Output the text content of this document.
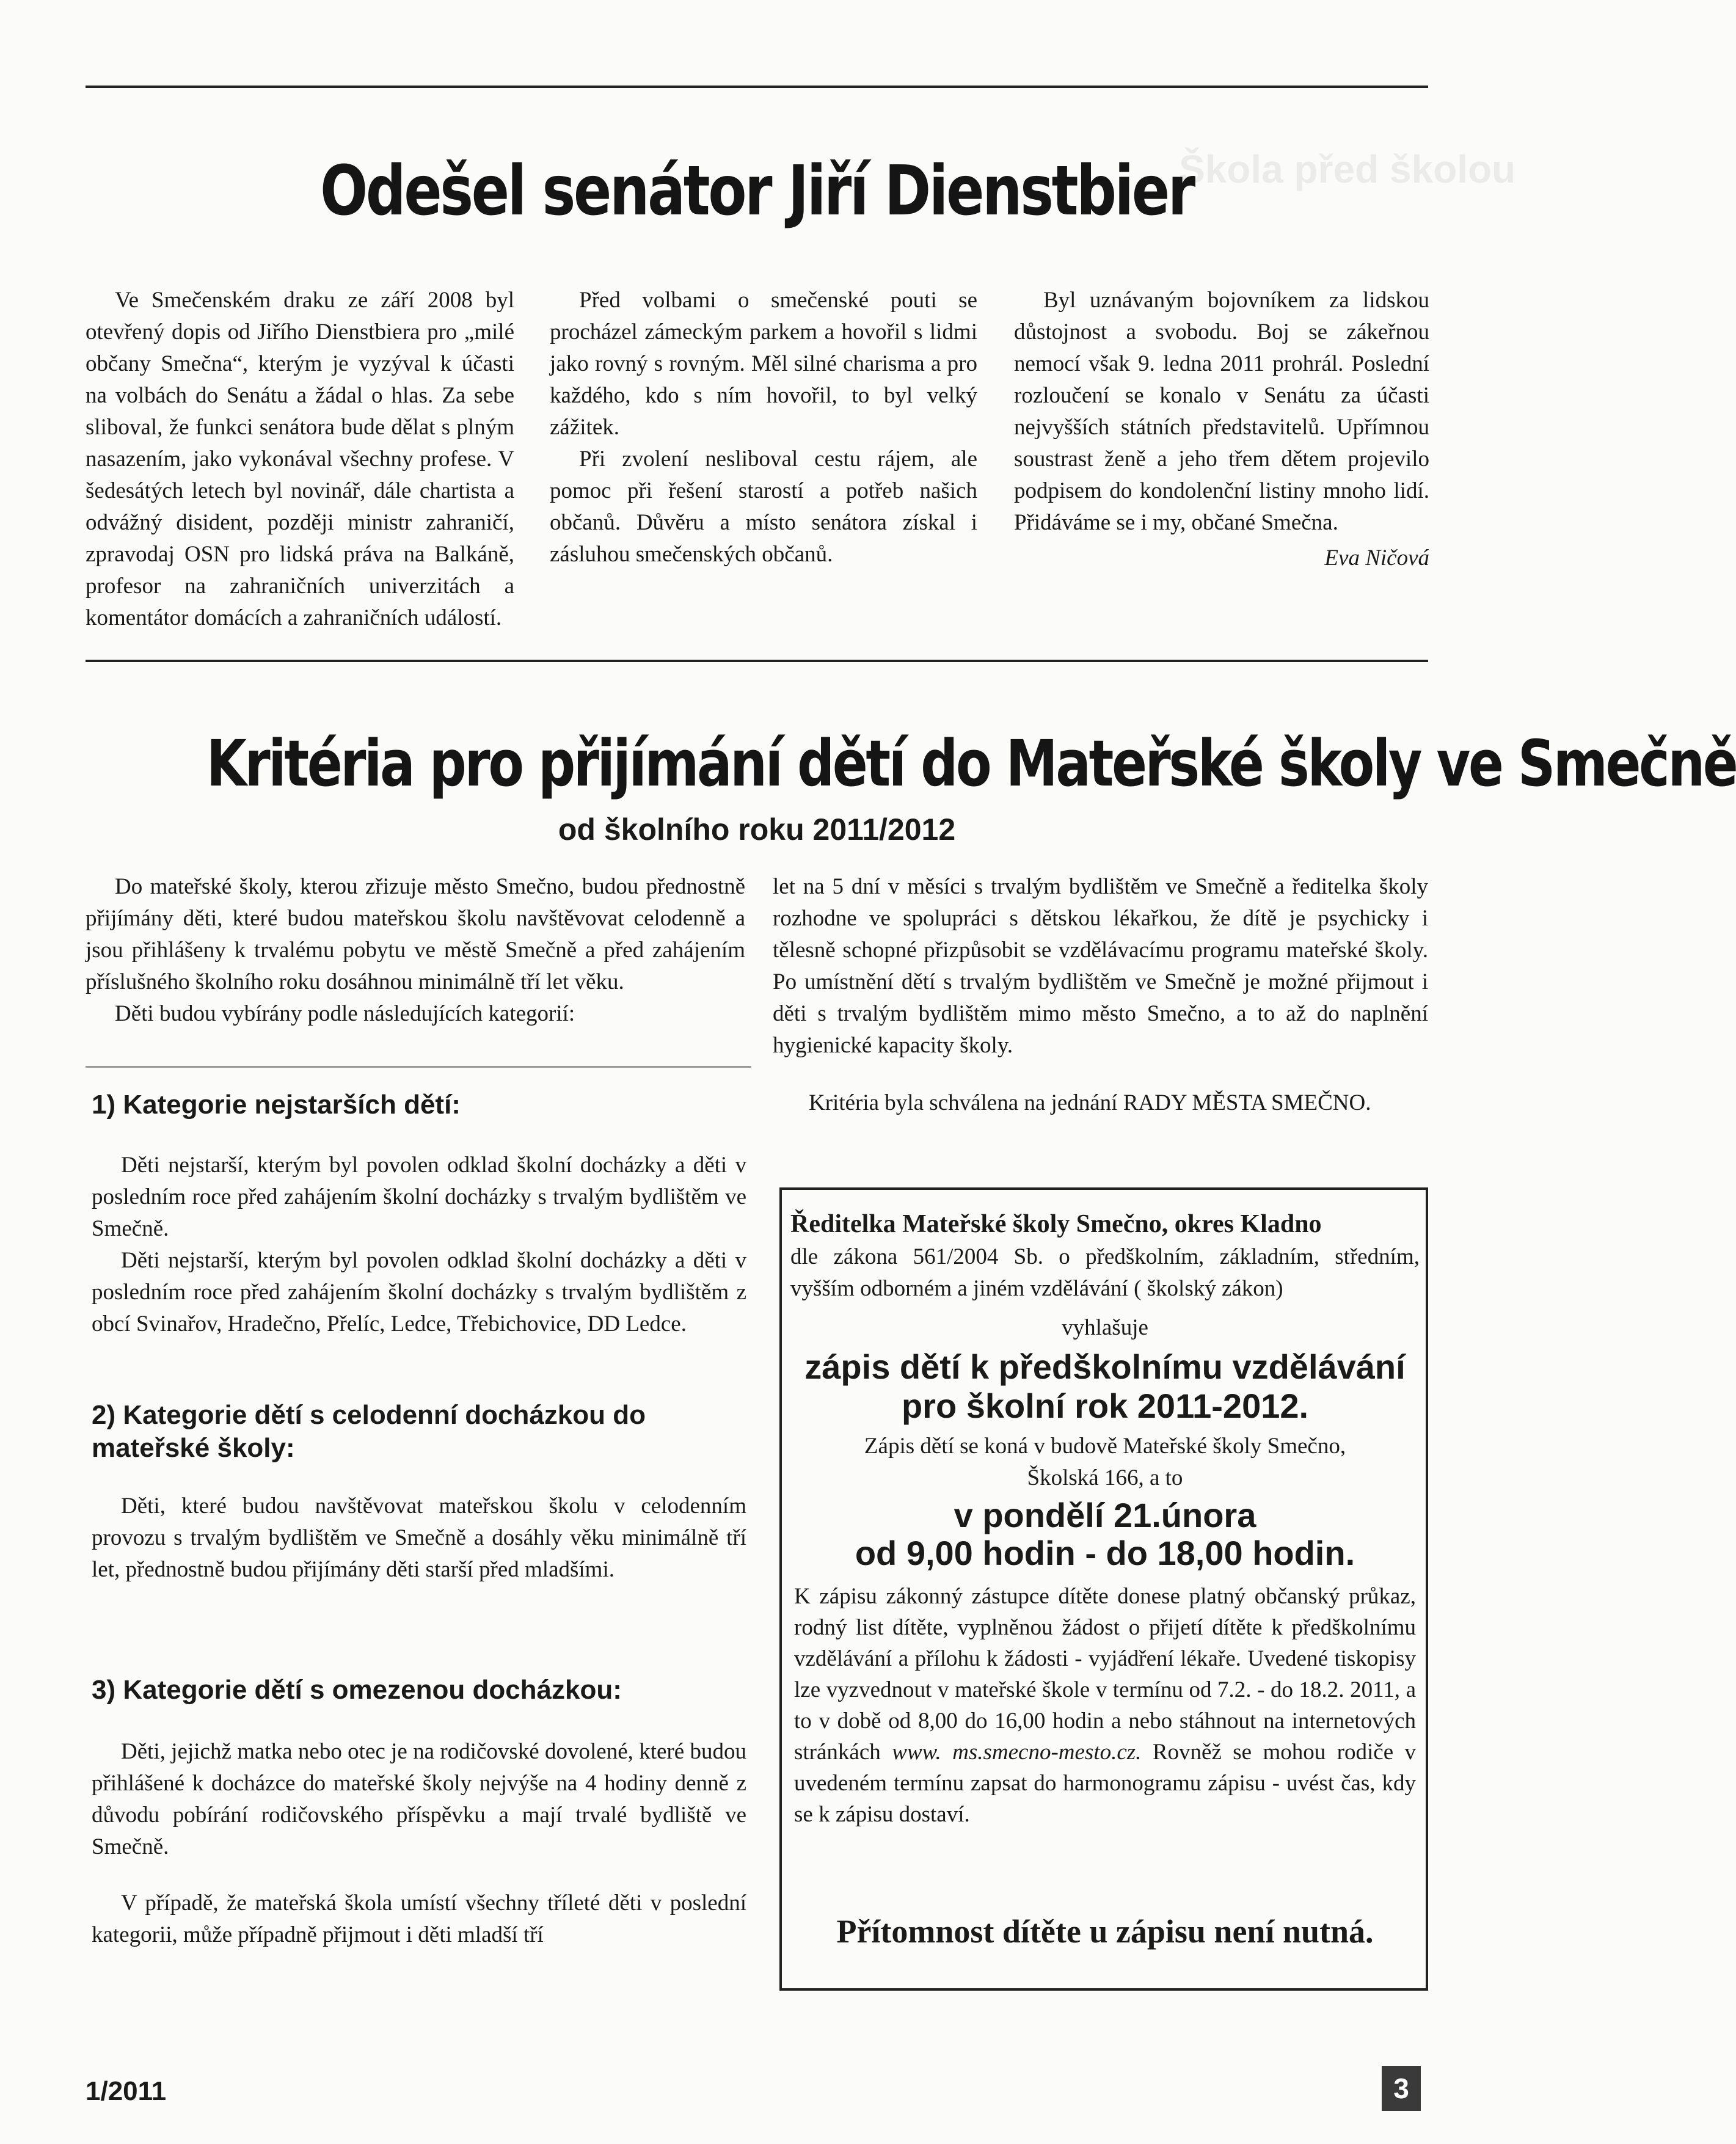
Škola před školou
Odešel senátor Jiří Dienstbier

Ve Smečenském draku ze září 2008 byl otevřený dopis od Jiřího Dienstbiera pro „milé občany Smečna“, kterým je vyzýval k účasti na volbách do Senátu a žádal o hlas. Za sebe sliboval, že funkci senátora bude dělat s plným nasazením, jako vykonával všechny profese. V šedesátých letech byl novinář, dále chartista a odvážný disident, později ministr zahraničí, zpravodaj OSN pro lidská práva na Balkáně, profesor na zahraničních univerzitách a komentátor domácích a zahraničních událostí.

Před volbami o smečenské pouti se procházel zámeckým parkem a hovořil s lidmi jako rovný s rovným. Měl silné charisma a pro každého, kdo s ním hovořil, to byl velký zážitek.

Při zvolení nesliboval cestu rájem, ale pomoc při řešení starostí a potřeb našich občanů. Důvěru a místo senátora získal i zásluhou smečenských občanů.

Byl uznávaným bojovníkem za lidskou důstojnost a svobodu. Boj se zákeřnou nemocí však 9. ledna 2011 prohrál. Poslední rozloučení se konalo v Senátu za účasti nejvyšších státních představitelů. Upřímnou soustrast ženě a jeho třem dětem projevilo podpisem do kondolenční listiny mnoho lidí. Přidáváme se i my, občané Smečna.

Eva Ničová
Kritéria pro přijímání dětí do Mateřské školy ve Smečně
od školního roku 2011/2012

Do mateřské školy, kterou zřizuje město Smečno, budou přednostně přijímány děti, které budou mateřskou školu navštěvovat celodenně a jsou přihlášeny k trvalému pobytu ve městě Smečně a před zahájením příslušného školního roku dosáhnou minimálně tří let věku.

Děti budou vybírány podle následujících kategorií:

let na 5 dní v měsíci s trvalým bydlištěm ve Smečně a ředitelka školy rozhodne ve spolupráci s dětskou lékařkou, že dítě je psychicky i tělesně schopné přizpůsobit se vzdělávacímu programu mateřské školy. Po umístnění dětí s trvalým bydlištěm ve Smečně je možné přijmout i děti s trvalým bydlištěm mimo město Smečno, a to až do naplnění hygienické kapacity školy.

1) Kategorie nejstarších dětí:

Děti nejstarší, kterým byl povolen odklad školní docházky a děti v posledním roce před zahájením školní docházky s trvalým bydlištěm ve Smečně.

Děti nejstarší, kterým byl povolen odklad školní docházky a děti v posledním roce před zahájením školní docházky s trvalým bydlištěm z obcí Svinařov, Hradečno, Přelíc, Ledce, Třebichovice, DD Ledce.

2) Kategorie dětí s celodenní docházkou do mateřské školy:

Děti, které budou navštěvovat mateřskou školu v celodenním provozu s trvalým bydlištěm ve Smečně a dosáhly věku minimálně tří let, přednostně budou přijímány děti starší před mladšími.

3) Kategorie dětí s omezenou docházkou:

Děti, jejichž matka nebo otec je na rodičovské dovolené, které budou přihlášené k docházce do mateřské školy nejvýše na 4 hodiny denně z důvodu pobírání rodičovského příspěvku a mají trvalé bydliště ve Smečně.

V případě, že mateřská škola umístí všechny tříleté děti v poslední kategorii, může případně přijmout i děti mladší tří

Kritéria byla schválena na jednání RADY MĚSTA SMEČNO.

Ředitelka Mateřské školy Smečno, okres Kladno
dle zákona 561/2004 Sb. o předškolním, základním, středním, vyšším odborném a jiném vzdělávání ( školský zákon)
vyhlašuje
zápis dětí k předškolnímu vzdělávání
pro školní rok 2011-2012.
Zápis dětí se koná v budově Mateřské školy Smečno,
Školská 166, a to
v pondělí 21.února
od 9,00 hodin - do 18,00 hodin.
K zápisu zákonný zástupce dítěte donese platný občanský průkaz, rodný list dítěte, vyplněnou žádost o přijetí dítěte k předškolnímu vzdělávání a přílohu k žádosti - vyjádření lékaře. Uvedené tiskopisy lze vyzvednout v mateřské škole v termínu od 7.2. - do 18.2. 2011, a to v době od 8,00 do 16,00 hodin a nebo stáhnout na internetových stránkách www. ms.smecno-mesto.cz. Rovněž se mohou rodiče v uvedeném termínu zapsat do harmonogramu zápisu - uvést čas, kdy se k zápisu dostaví.
Přítomnost dítěte u zápisu není nutná.
1/2011	3
